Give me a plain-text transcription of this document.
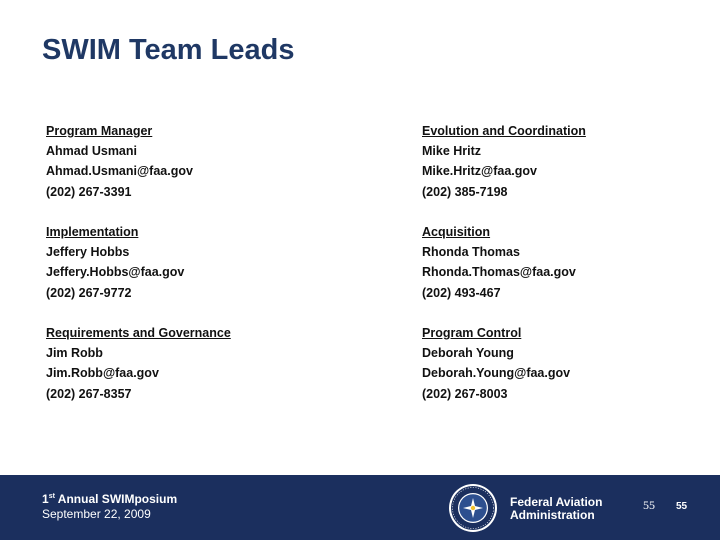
SWIM Team Leads
Program Manager
Ahmad Usmani
Ahmad.Usmani@faa.gov
(202) 267-3391
Evolution and Coordination
Mike Hritz
Mike.Hritz@faa.gov
(202) 385-7198
Implementation
Jeffery Hobbs
Jeffery.Hobbs@faa.gov
(202) 267-9772
Acquisition
Rhonda Thomas
Rhonda.Thomas@faa.gov
(202) 493-467
Requirements and Governance
Jim Robb
Jim.Robb@faa.gov
(202) 267-8357
Program Control
Deborah Young
Deborah.Young@faa.gov
(202) 267-8003
1st Annual SWIMposium
September 22, 2009
Federal Aviation
Administration
55 55
